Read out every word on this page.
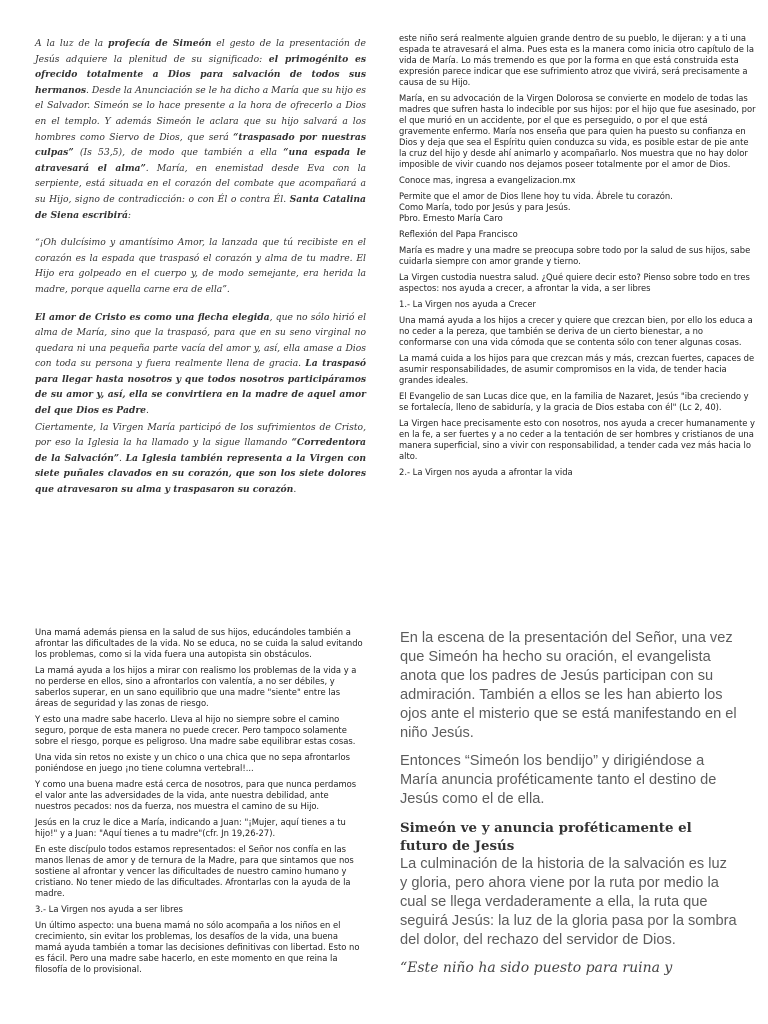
A la luz de la profecía de Simeón el gesto de la presentación de Jesús adquiere la plenitud de su significado: el primogénito es ofrecido totalmente a Dios para salvación de todos sus hermanos. Desde la Anunciación se le ha dicho a María que su hijo es el Salvador. Simeón se lo hace presente a la hora de ofrecerlo a Dios en el templo. Y además Simeón le aclara que su hijo salvará a los hombres como Siervo de Dios, que será “traspasado por nuestras culpas” (Is 53,5), de modo que también a ella “una espada le atravesará el alma”. María, en enemistad desde Eva con la serpiente, está situada en el corazón del combate que acompañará a su Hijo, signo de contradicción: o con Él o contra Él. Santa Catalina de Siena escribirá:

“¡Oh dulcísimo y amantísimo Amor, la lanzada que tú recibiste en el corazón es la espada que traspasó el corazón y alma de tu madre. El Hijo era golpeado en el cuerpo y, de modo semejante, era herida la madre, porque aquella carne era de ella”.

El amor de Cristo es como una flecha elegida, que no sólo hirió el alma de María, sino que la traspasó, para que en su seno virginal no quedara ni una pequeña parte vacía del amor y, así, ella amase a Dios con toda su persona y fuera realmente llena de gracia. La traspasó para llegar hasta nosotros y que todos nosotros participáramos de su amor y, así, ella se convirtiera en la madre de aquel amor del que Dios es Padre.

Ciertamente, la Virgen María participó de los sufrimientos de Cristo, por eso la Iglesia la ha llamado y la sigue llamando “Corredentora de la Salvación”. La Iglesia también representa a la Virgen con siete puñales clavados en su corazón, que son los siete dolores que atravesaron su alma y traspasaron su corazón.

este niño será realmente alguien grande dentro de su pueblo, le dijeran: y a ti una espada te atravesará el alma. Pues esta es la manera como inicia otro capítulo de la vida de María. Lo más tremendo es que por la forma en que está construida esta expresión parece indicar que ese sufrimiento atroz que vivirá, será precisamente a causa de su Hijo.

María, en su advocación de la Virgen Dolorosa se convierte en modelo de todas las madres que sufren hasta lo indecible por sus hijos: por el hijo que fue asesinado, por el que murió en un accidente, por el que es perseguido, o por el que está gravemente enfermo. María nos enseña que para quien ha puesto su confianza en Dios y deja que sea el Espíritu quien conduzca su vida, es posible estar de pie ante la cruz del hijo y desde ahí animarlo y acompañarlo. Nos muestra que no hay dolor imposible de vivir cuando nos dejamos poseer totalmente por el amor de Dios.

Conoce mas, ingresa a evangelizacion.mx

Permite que el amor de Dios llene hoy tu vida. Ábrele tu corazón.
Como María, todo por Jesús y para Jesús.
Pbro. Ernesto María Caro

Reflexión del Papa Francisco

María es madre y una madre se preocupa sobre todo por la salud de sus hijos, sabe cuidarla siempre con amor grande y tierno.

La Virgen custodia nuestra salud. ¿Qué quiere decir esto? Pienso sobre todo en tres aspectos: nos ayuda a crecer, a afrontar la vida, a ser libres

1.- La Virgen nos ayuda a Crecer

Una mamá ayuda a los hijos a crecer y quiere que crezcan bien, por ello los educa a no ceder a la pereza, que también se deriva de un cierto bienestar, a no conformarse con una vida cómoda que se contenta sólo con tener algunas cosas.

La mamá cuida a los hijos para que crezcan más y más, crezcan fuertes, capaces de asumir responsabilidades, de asumir compromisos en la vida, de tender hacia grandes ideales.

El Evangelio de san Lucas dice que, en la familia de Nazaret, Jesús "iba creciendo y se fortalecía, lleno de sabiduría, y la gracia de Dios estaba con él" (Lc 2, 40).

La Virgen hace precisamente esto con nosotros, nos ayuda a crecer humanamente y en la fe, a ser fuertes y a no ceder a la tentación de ser hombres y cristianos de una manera superficial, sino a vivir con responsabilidad, a tender cada vez más hacia lo alto.

2.- La Virgen nos ayuda a afrontar la vida

Una mamá además piensa en la salud de sus hijos, educándoles también a afrontar las dificultades de la vida. No se educa, no se cuida la salud evitando los problemas, como si la vida fuera una autopista sin obstáculos.

La mamá ayuda a los hijos a mirar con realismo los problemas de la vida y a no perderse en ellos, sino a afrontarlos con valentía, a no ser débiles, y saberlos superar, en un sano equilibrio que una madre "siente" entre las áreas de seguridad y las zonas de riesgo.

Y esto una madre sabe hacerlo. Lleva al hijo no siempre sobre el camino seguro, porque de esta manera no puede crecer. Pero tampoco solamente sobre el riesgo, porque es peligroso. Una madre sabe equilibrar estas cosas.

Una vida sin retos no existe y un chico o una chica que no sepa afrontarlos poniéndose en juego ¡no tiene columna vertebral!...

Y como una buena madre está cerca de nosotros, para que nunca perdamos el valor ante las adversidades de la vida, ante nuestra debilidad, ante nuestros pecados: nos da fuerza, nos muestra el camino de su Hijo.

Jesús en la cruz le dice a María, indicando a Juan: "¡Mujer, aquí tienes a tu hijo!" y a Juan: "Aquí tienes a tu madre"(cfr. Jn 19,26-27).

En este discípulo todos estamos representados: el Señor nos confía en las manos llenas de amor y de ternura de la Madre, para que sintamos que nos sostiene al afrontar y vencer las dificultades de nuestro camino humano y cristiano. No tener miedo de las dificultades. Afrontarlas con la ayuda de la madre.

3.- La Virgen nos ayuda a ser libres

Un último aspecto: una buena mamá no sólo acompaña a los niños en el crecimiento, sin evitar los problemas, los desafíos de la vida, una buena mamá ayuda también a tomar las decisiones definitivas con libertad. Esto no es fácil. Pero una madre sabe hacerlo, en este momento en que reina la filosofía de lo provisional.

En la escena de la presentación del Señor, una vez que Simeón ha hecho su oración, el evangelista anota que los padres de Jesús participan con su admiración. También a ellos se les han abierto los ojos ante el misterio que se está manifestando en el niño Jesús.

Entonces “Simeón los bendijo” y dirigiéndose a María anuncia proféticamente tanto el destino de Jesús como el de ella.

Simeón ve y anuncia proféticamente el futuro de Jesús

La culminación de la historia de la salvación es luz y gloria, pero ahora viene por la ruta por medio la cual se llega verdaderamente a ella, la ruta que seguirá Jesús: la luz de la gloria pasa por la sombra del dolor, del rechazo del servidor de Dios.

“Este niño ha sido puesto para ruina y
